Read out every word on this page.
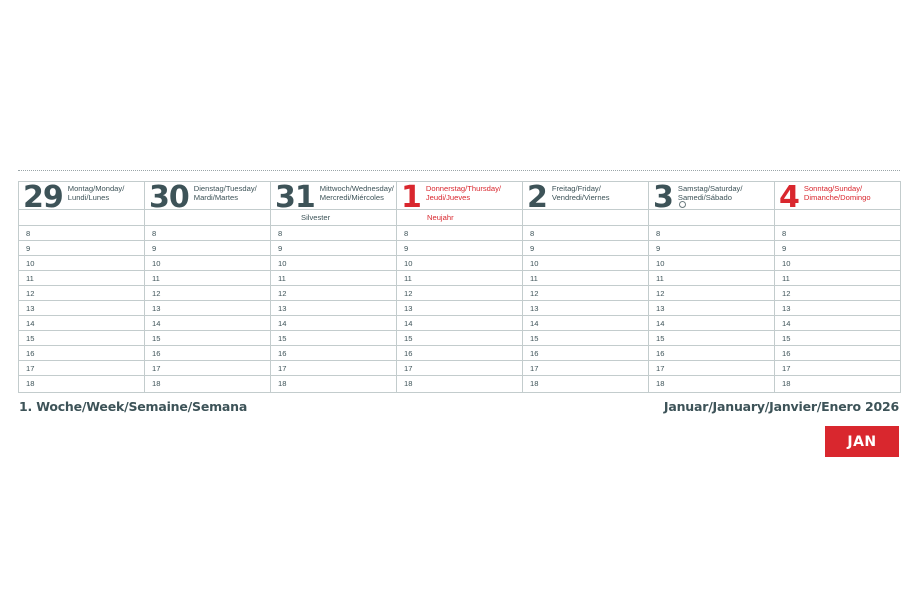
29 Montag/Monday/
Lundi/Lunes
8
9
10
11
12
13
14
15
16
17
18
30 Dienstag/Tuesday/
Mardi/Martes
8
9
10
11
12
13
14
15
16
17
18
31 Mittwoch/Wednesday/
Mercredi/Miércoles
Silvester
8
9
10
11
12
13
14
15
16
17
18
1 Donnerstag/Thursday/
Jeudi/Jueves
Neujahr
8
9
10
11
12
13
14
15
16
17
18
2 Freitag/Friday/
Vendredi/Viernes
8
9
10
11
12
13
14
15
16
17
18
3 Samstag/Saturday/
Samedi/Sábado
8
9
10
11
12
13
14
15
16
17
18
4 Sonntag/Sunday/
Dimanche/Domingo
8
9
10
11
12
13
14
15
16
17
18
1. Woche/Week/Semaine/Semana	Januar/January/Janvier/Enero 2026
JAN
